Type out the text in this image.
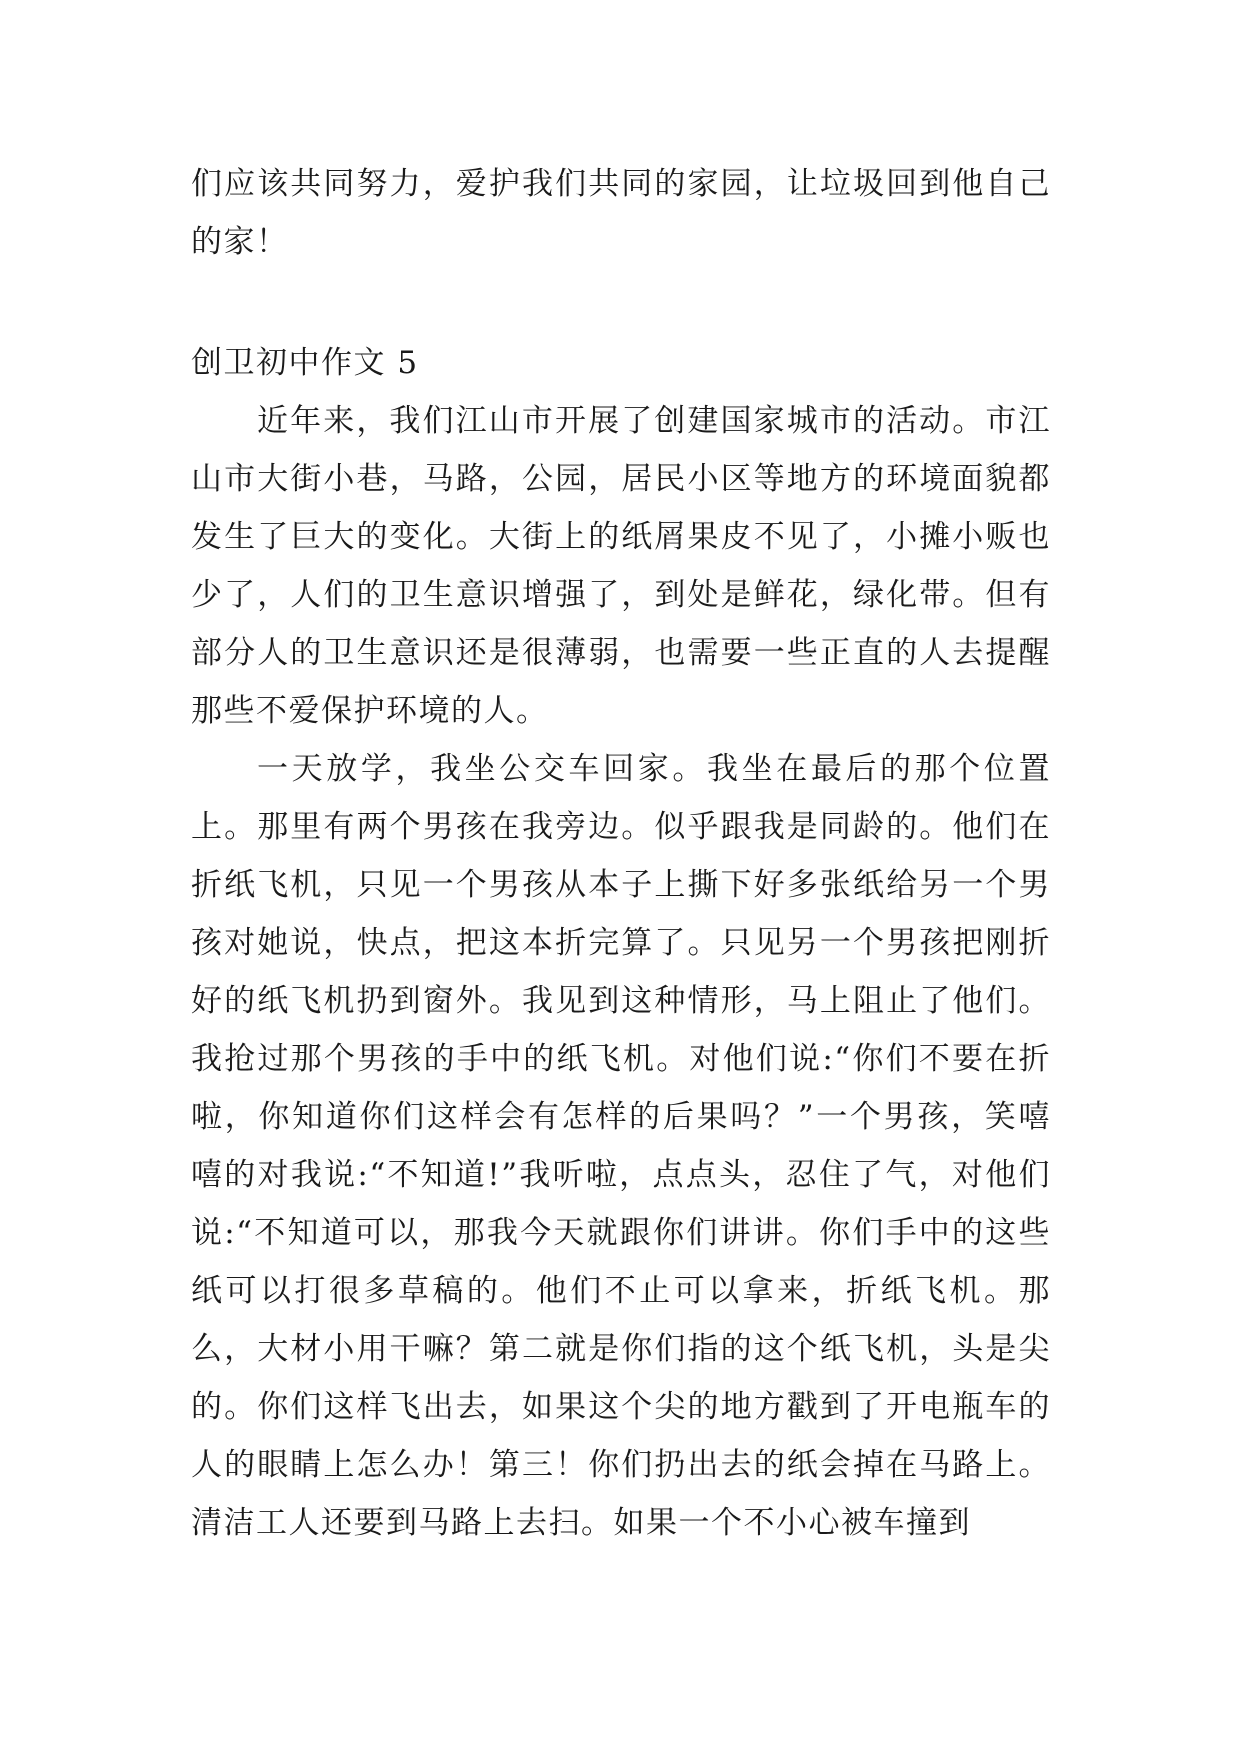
们应该共同努力，爱护我们共同的家园，让垃圾回到他自己的家！

创卫初中作文 5

近年来，我们江山市开展了创建国家城市的活动。市江山市大街小巷，马路，公园，居民小区等地方的环境面貌都发生了巨大的变化。大街上的纸屑果皮不见了，小摊小贩也少了，人们的卫生意识增强了，到处是鲜花，绿化带。但有部分人的卫生意识还是很薄弱，也需要一些正直的人去提醒那些不爱保护环境的人。

一天放学，我坐公交车回家。我坐在最后的那个位置上。那里有两个男孩在我旁边。似乎跟我是同龄的。他们在折纸飞机，只见一个男孩从本子上撕下好多张纸给另一个男孩对她说，快点，把这本折完算了。只见另一个男孩把刚折好的纸飞机扔到窗外。我见到这种情形，马上阻止了他们。 我抢过那个男孩的手中的纸飞机。对他们说:“你们不要在折啦，你知道你们这样会有怎样的后果吗？”一个男孩，笑嘻嘻的对我说:“不知道!”我听啦，点点头，忍住了气，对他们说:“不知道可以，那我今天就跟你们讲讲。你们手中的这些纸可以打很多草稿的。他们不止可以拿来，折纸飞机。那么，大材小用干嘛？第二就是你们指的这个纸飞机，头是尖的。你们这样飞出去，如果这个尖的地方戳到了开电瓶车的人的眼睛上怎么办！第三！你们扔出去的纸会掉在马路上。清洁工人还要到马路上去扫。如果一个不小心被车撞到
